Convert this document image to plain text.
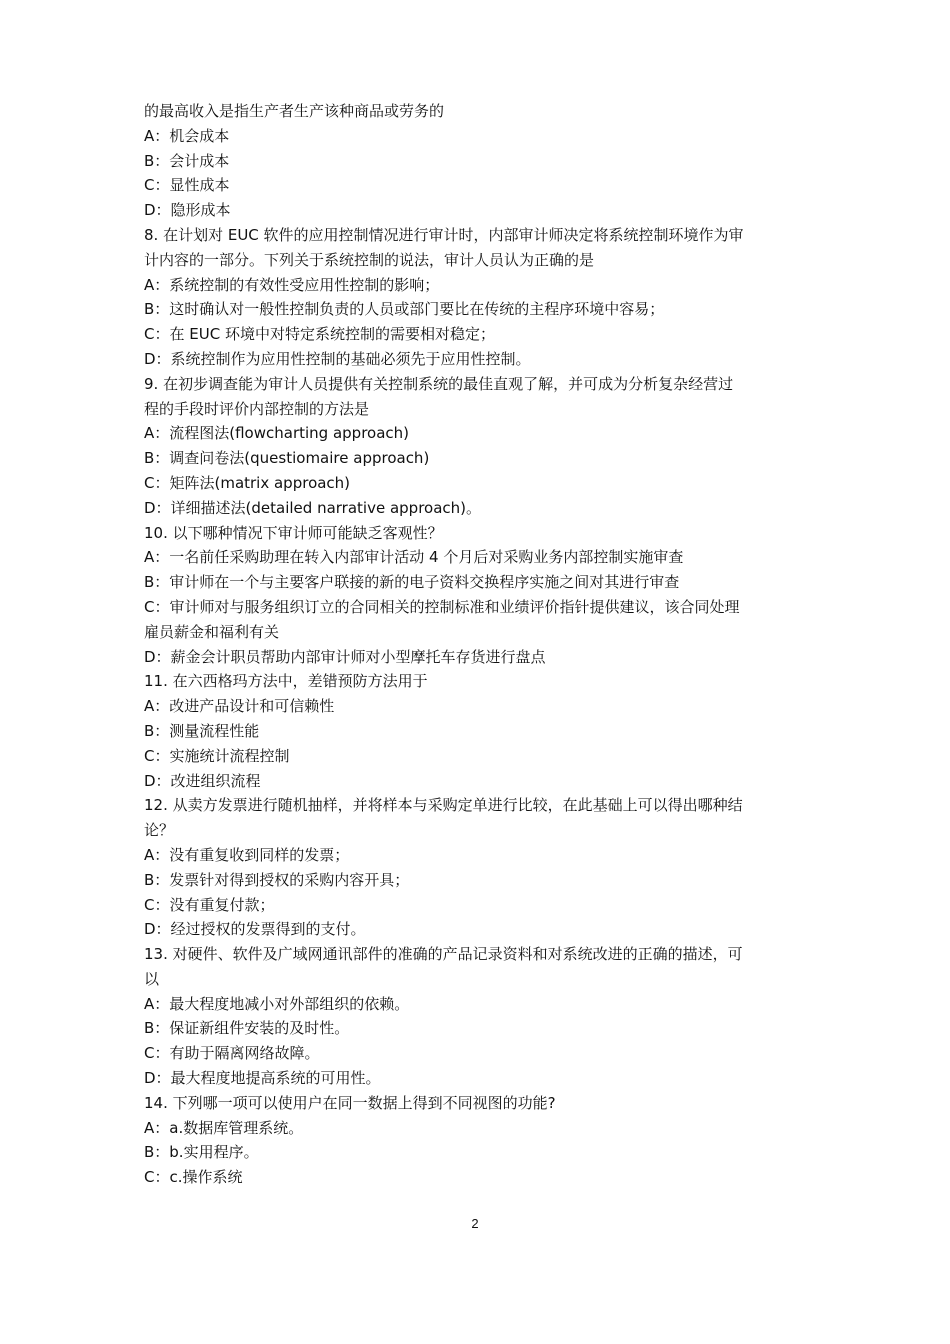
的最高收入是指生产者生产该种商品或劳务的
A：机会成本
B：会计成本
C：显性成本
D：隐形成本
8. 在计划对 EUC 软件的应用控制情况进行审计时，内部审计师决定将系统控制环境作为审
计内容的一部分。下列关于系统控制的说法，审计人员认为正确的是
A：系统控制的有效性受应用性控制的影响；
B：这时确认对一般性控制负责的人员或部门要比在传统的主程序环境中容易；
C：在 EUC 环境中对特定系统控制的需要相对稳定；
D：系统控制作为应用性控制的基础必须先于应用性控制。
9. 在初步调查能为审计人员提供有关控制系统的最佳直观了解，并可成为分析复杂经营过
程的手段时评价内部控制的方法是
A：流程图法(flowcharting approach)
B：调查问卷法(questiomaire approach)
C：矩阵法(matrix approach)
D：详细描述法(detailed narrative approach)。
10. 以下哪种情况下审计师可能缺乏客观性？
A：一名前任采购助理在转入内部审计活动 4 个月后对采购业务内部控制实施审查
B：审计师在一个与主要客户联接的新的电子资料交换程序实施之间对其进行审查
C：审计师对与服务组织订立的合同相关的控制标准和业绩评价指针提供建议，该合同处理
雇员薪金和福利有关
D：薪金会计职员帮助内部审计师对小型摩托车存货进行盘点
11. 在六西格玛方法中，差错预防方法用于
A：改进产品设计和可信赖性
B：测量流程性能
C：实施统计流程控制
D：改进组织流程
12. 从卖方发票进行随机抽样，并将样本与采购定单进行比较，在此基础上可以得出哪种结
论？
A：没有重复收到同样的发票；
B：发票针对得到授权的采购内容开具；
C：没有重复付款；
D：经过授权的发票得到的支付。
13. 对硬件、软件及广域网通讯部件的准确的产品记录资料和对系统改进的正确的描述，可
以
A：最大程度地减小对外部组织的依赖。
B：保证新组件安装的及时性。
C：有助于隔离网络故障。
D：最大程度地提高系统的可用性。
14. 下列哪一项可以使用户在同一数据上得到不同视图的功能?
A：a.数据库管理系统。
B：b.实用程序。
C：c.操作系统
2
